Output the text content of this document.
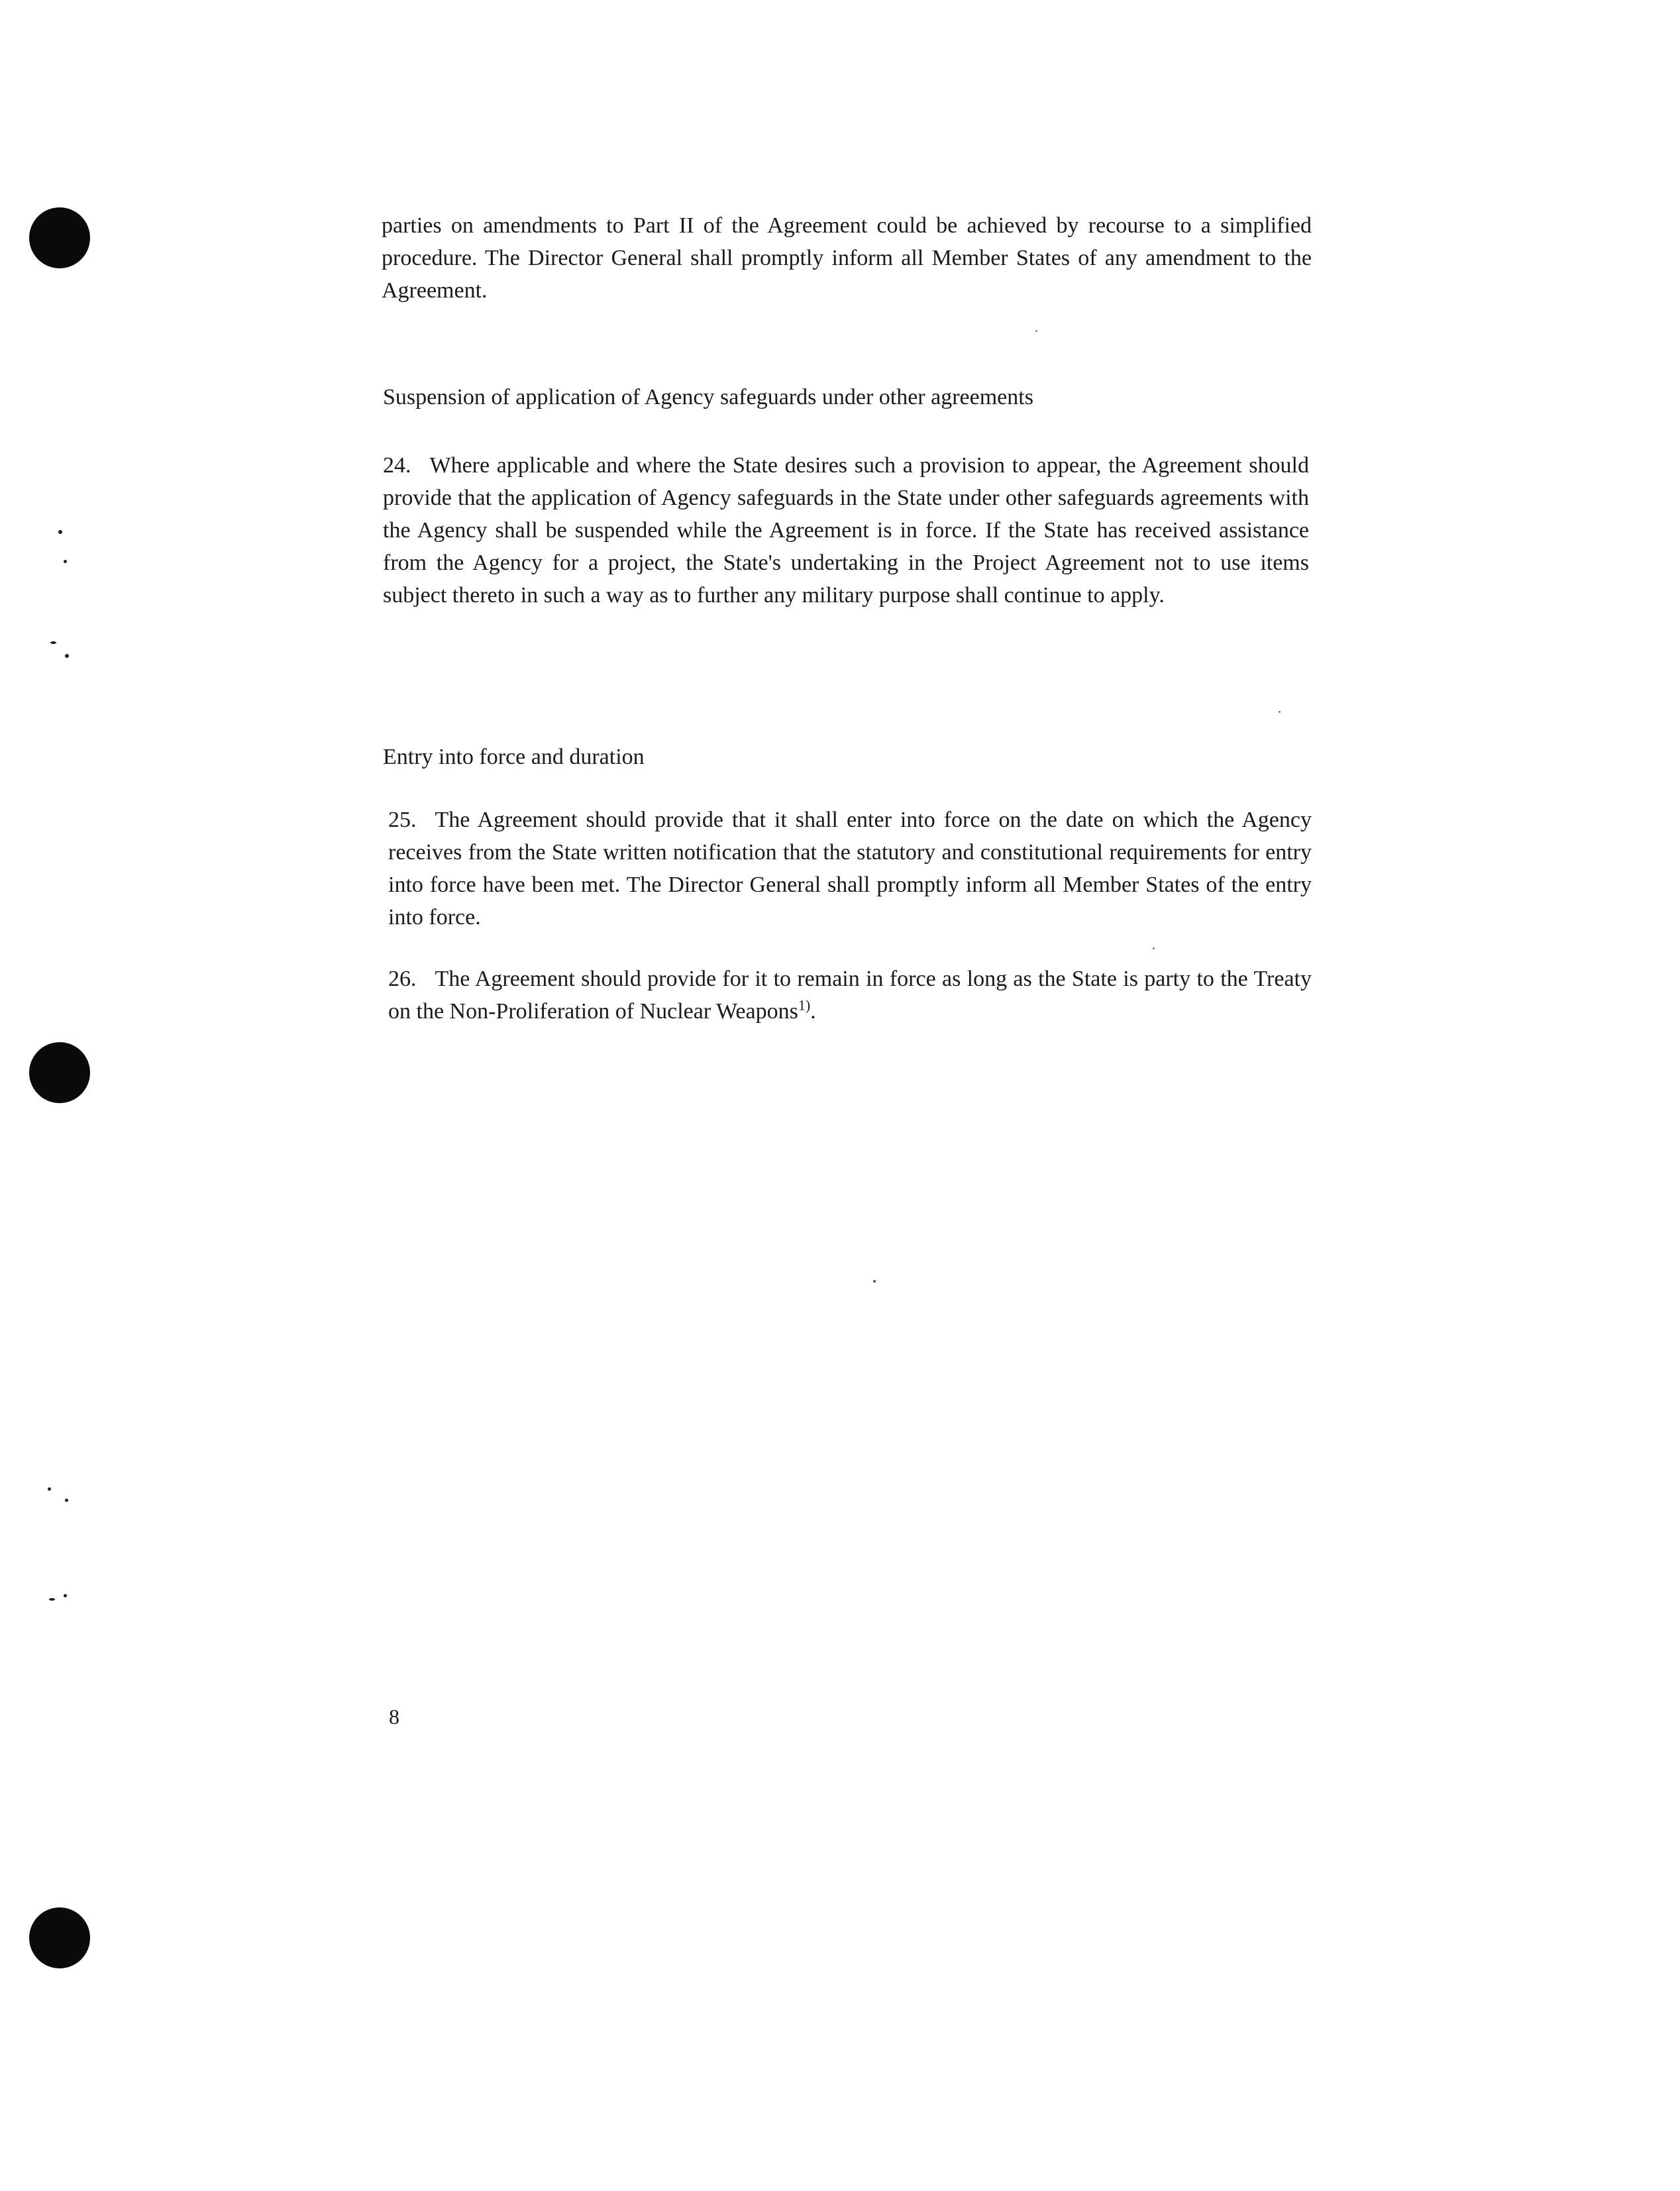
parties on amendments to Part II of the Agreement could be achieved by recourse to a simplified procedure. The Director General shall promptly inform all Member States of any amendment to the Agreement.

Suspension of application of Agency safeguards under other agreements

24. Where applicable and where the State desires such a provision to appear, the Agreement should provide that the application of Agency safeguards in the State under other safeguards agreements with the Agency shall be suspended while the Agreement is in force. If the State has received assistance from the Agency for a project, the State's undertaking in the Project Agreement not to use items subject thereto in such a way as to further any military purpose shall continue to apply.

Entry into force and duration

25. The Agreement should provide that it shall enter into force on the date on which the Agency receives from the State written notification that the statutory and constitutional requirements for entry into force have been met. The Director General shall promptly inform all Member States of the entry into force.

26. The Agreement should provide for it to remain in force as long as the State is party to the Treaty on the Non-Proliferation of Nuclear Weapons$^{1)}$.

8
